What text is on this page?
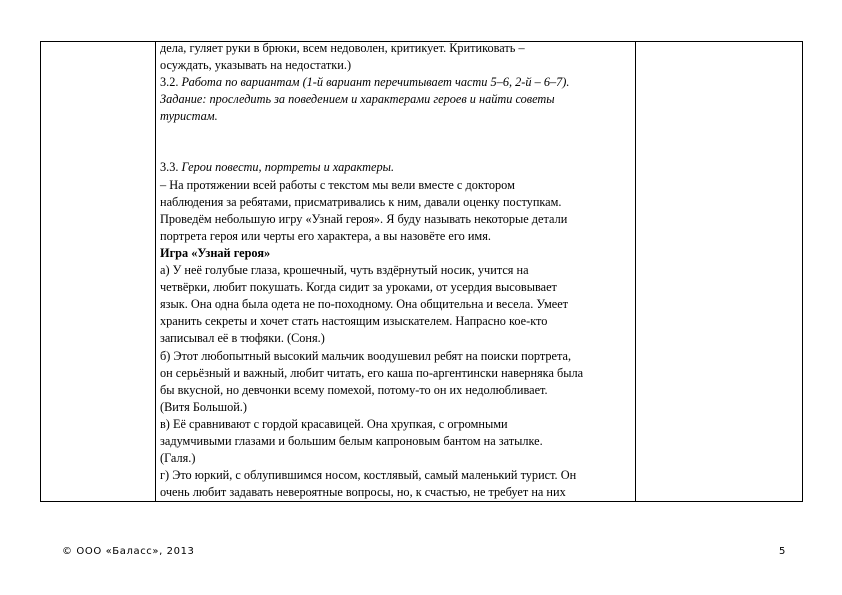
дела, гуляет руки в брюки, всем недоволен, критикует. Критиковать –

осуждать, указывать на недостатки.)

3.2. Работа по вариантам (1-й вариант перечитывает части 5–6, 2-й – 6–7).

Задание: проследить за поведением и характерами героев и найти советы

туристам.

3.3. Герои повести, портреты и характеры.

– На протяжении всей работы с текстом мы вели вместе с доктором

наблюдения за ребятами, присматривались к ним, давали оценку поступкам.

Проведём небольшую игру «Узнай героя». Я буду называть некоторые детали

портрета героя или черты его характера, а вы назовёте его имя.

Игра «Узнай героя»

а) У неё голубые глаза, крошечный, чуть вздёрнутый носик, учится на

четвёрки, любит покушать. Когда сидит за уроками, от усердия высовывает

язык. Она одна была одета не по-походному. Она общительна и весела. Умеет

хранить секреты и хочет стать настоящим изыскателем. Напрасно кое-кто

записывал её в тюфяки. (Соня.)

б) Этот любопытный высокий мальчик воодушевил ребят на поиски портрета,

он серьёзный и важный, любит читать, его каша по-аргентински наверняка была

бы вкусной, но девчонки всему помехой, потому-то он их недолюбливает.

(Витя Большой.)

в) Её сравнивают с гордой красавицей. Она хрупкая, с огромными

задумчивыми глазами и большим белым капроновым бантом на затылке.

(Галя.)

г) Это юркий, с облупившимся носом, костлявый, самый маленький турист. Он

очень любит задавать невероятные вопросы, но, к счастью, не требует на них

© ООО «Баласс», 2013	5
